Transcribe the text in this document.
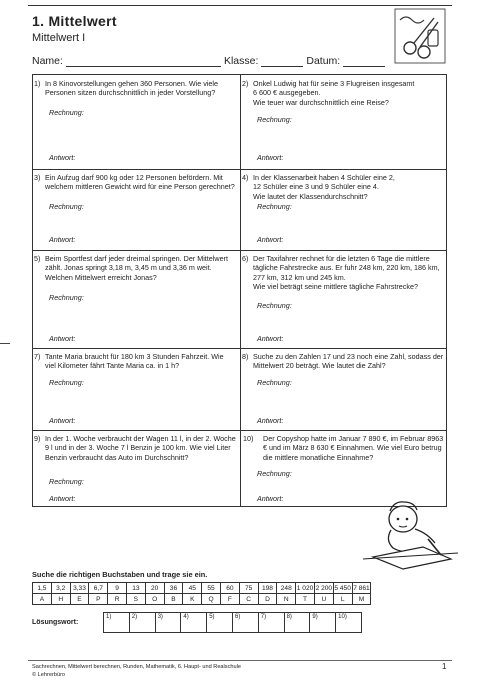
1. Mittelwert
Mittelwert I
Name:	Klasse:	Datum:
1) In 8 Kinovorstellungen gehen 360 Personen. Wie viele Personen sitzen durchschnittlich in jeder Vorstellung?
Rechnung:
Antwort:
2) Onkel Ludwig hat für seine 3 Flugreisen insgesamt
6 600 € ausgegeben.
Wie teuer war durchschnittlich eine Reise?
Rechnung:
Antwort:
3) Ein Aufzug darf 900 kg oder 12 Personen befördern. Mit welchem mittleren Gewicht wird für eine Person gerechnet?
Rechnung:
Antwort:
4) In der Klassenarbeit haben 4 Schüler eine 2,
12 Schüler eine 3 und 9 Schüler eine 4.
Wie lautet der Klassendurchschnitt?
Rechnung:
Antwort:
5) Beim Sportfest darf jeder dreimal springen. Der Mittelwert zählt. Jonas springt 3,18 m, 3,45 m und 3,36 m weit. Welchen Mittelwert erreicht Jonas?
Rechnung:
Antwort:
6) Der Taxifahrer rechnet für die letzten 6 Tage die mittlere tägliche Fahrstrecke aus. Er fuhr 248 km, 220 km, 186 km, 277 km, 312 km und 245 km.
Wie viel beträgt seine mittlere tägliche Fahrstrecke?
Rechnung:
Antwort:
7) Tante Maria braucht für 180 km 3 Stunden Fahrzeit. Wie viel Kilometer fährt Tante Maria ca. in 1 h?
Rechnung:
Antwort:
8) Suche zu den Zahlen 17 und 23 noch eine Zahl, sodass der Mittelwert 20 beträgt. Wie lautet die Zahl?
Rechnung:
Antwort:
9) In der 1. Woche verbraucht der Wagen 11 l, in der 2. Woche 9 l und in der 3. Woche 7 l Benzin je 100 km. Wie viel Liter Benzin verbraucht das Auto im Durchschnitt?
Rechnung:
Antwort:
10) Der Copyshop hatte im Januar 7 890 €, im Februar 8963 € und im März 8 630 € Einnahmen. Wie viel Euro betrug die mittlere monatliche Einnahme?
Rechnung:
Antwort:
Suche die richtigen Buchstaben und trage sie ein.
1,5	3,2	3,33	6,7	9	13	20	36	45	55	60	75	198	248	1 020	2 200	5 450	7 861
A	H	E	P	R	S	O	B	K	Q	F	C	D	N	T	U	L	M
Lösungswort:
1)	2)	3)	4)	5)	6)	7)	8)	9)	10)
Sachrechnen, Mittelwert berechnen, Runden, Mathematik, 6. Haupt- und Realschule
© Lehrerbüro
1
